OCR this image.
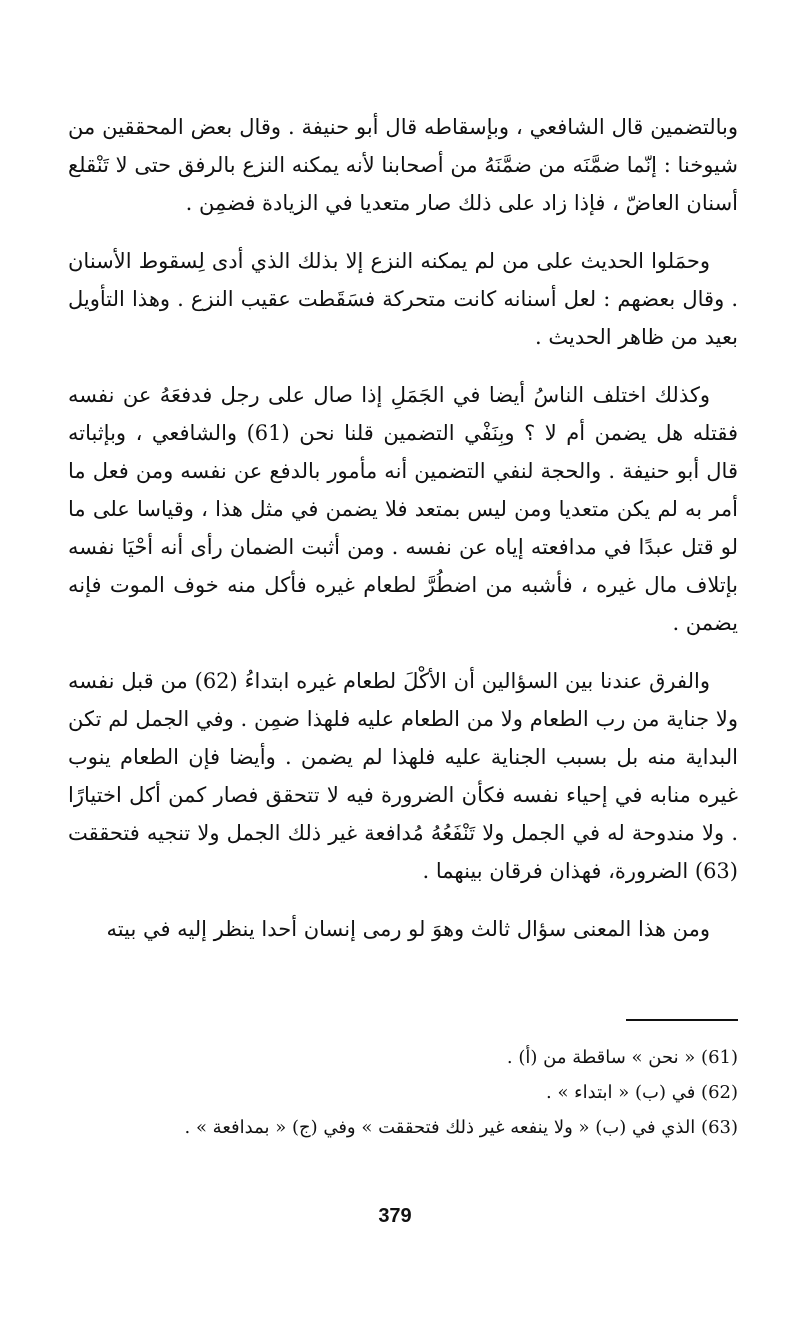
وبالتضمين قال الشافعي ، وبإسقاطه قال أبو حنيفة . وقال بعض المحققين من شيوخنا : إنّما ضمَّنَه من ضمَّنَهُ من أصحابنا لأنه يمكنه النزع بالرفق حتى لا تَنْقلع أسنان العاضّ ، فإذا زاد على ذلك صار متعديا في الزيادة فضمِن .

وحمَلوا الحديث على من لم يمكنه النزع إلا بذلك الذي أدى لِسقوط الأسنان . وقال بعضهم : لعل أسنانه كانت متحركة فسَقَطت عقيب النزع . وهذا التأويل بعيد من ظاهر الحديث .

وكذلك اختلف الناسُ أيضا في الجَمَلِ إذا صال على رجل فدفعَهُ عن نفسه فقتله هل يضمن أم لا ؟ وبِنَفْي التضمين قلنا نحن (61) والشافعي ، وبإثباته قال أبو حنيفة . والحجة لنفي التضمين أنه مأمور بالدفع عن نفسه ومن فعل ما أمر به لم يكن متعديا ومن ليس بمتعد فلا يضمن في مثل هذا ، وقياسا على ما لو قتل عبدًا في مدافعته إياه عن نفسه . ومن أثبت الضمان رأى أنه أحْيَا نفسه بإتلاف مال غيره ، فأشبه من اضطُرَّ لطعام غيره فأكل منه خوف الموت فإنه يضمن .

والفرق عندنا بين السؤالين أن الأكْلَ لطعام غيره ابتداءُ (62) من قبل نفسه ولا جناية من رب الطعام ولا من الطعام عليه فلهذا ضمِن . وفي الجمل لم تكن البداية منه بل بسبب الجناية عليه فلهذا لم يضمن . وأيضا فإن الطعام ينوب غيره منابه في إحياء نفسه فكأن الضرورة فيه لا تتحقق فصار كمن أكل اختيارًا . ولا مندوحة له في الجمل ولا تَنْفَعُهُ مُدافعة غير ذلك الجمل ولا تنجيه فتحققت (63) الضرورة، فهذان فرقان بينهما .

ومن هذا المعنى سؤال ثالث وهوَ لو رمى إنسان أحدا ينظر إليه في بيته

(61) « نحن » ساقطة من (أ) .

(62) في (ب) « ابتداء » .

(63) الذي في (ب) « ولا ينفعه غير ذلك فتحققت » وفي (ج) « بمدافعة » .

379
